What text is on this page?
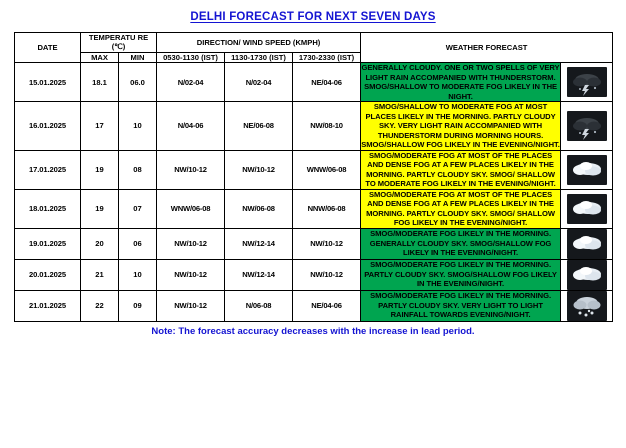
DELHI FORECAST FOR NEXT SEVEN DAYS
DATE	TEMPERATU RE (℃)		DIRECTION/ WIND SPEED (KMPH)			WEATHER FORECAST	
	MAX	MIN	0530-1130 (IST)	1130-1730 (IST)	1730-2330 (IST)		
15.01.2025	18.1	06.0	N/02-04	N/02-04	NE/04-06	GENERALLY CLOUDY. ONE OR TWO SPELLS OF VERY LIGHT RAIN ACCOMPANIED WITH THUNDERSTORM. SMOG/SHALLOW TO MODERATE FOG LIKELY IN THE NIGHT.	

16.01.2025	17	10	N/04-06	NE/06-08	NW/08-10	SMOG/SHALLOW TO MODERATE FOG AT MOST PLACES LIKELY IN THE MORNING. PARTLY CLOUDY SKY. VERY LIGHT RAIN ACCOMPANIED WITH THUNDERSTORM DURING MORNING HOURS. SMOG/SHALLOW FOG LIKELY IN THE EVENING/NIGHT.	

17.01.2025	19	08	NW/10-12	NW/10-12	WNW/06-08	SMOG/MODERATE FOG AT MOST OF THE PLACES AND DENSE FOG AT A FEW PLACES LIKELY IN THE MORNING. PARTLY CLOUDY SKY. SMOG/ SHALLOW TO MODERATE FOG LIKELY IN THE EVENING/NIGHT.	

18.01.2025	19	07	WNW/06-08	NW/06-08	NNW/06-08	SMOG/MODERATE FOG AT MOST OF THE PLACES AND DENSE FOG AT A FEW PLACES LIKELY IN THE MORNING. PARTLY CLOUDY SKY. SMOG/ SHALLOW FOG LIKELY IN THE EVENING/NIGHT.	

19.01.2025	20	06	NW/10-12	NW/12-14	NW/10-12	SMOG/MODERATE FOG LIKELY IN THE MORNING. GENERALLY CLOUDY SKY. SMOG/SHALLOW FOG LIKELY IN THE EVENING/NIGHT.	

20.01.2025	21	10	NW/10-12	NW/12-14	NW/10-12	SMOG/MODERATE FOG LIKELY IN THE MORNING. PARTLY CLOUDY SKY. SMOG/SHALLOW FOG LIKELY IN THE EVENING/NIGHT.	

21.01.2025	22	09	NW/10-12	N/06-08	NE/04-06	SMOG/MODERATE FOG LIKELY IN THE MORNING. PARTLY CLOUDY SKY. VERY LIGHT TO LIGHT RAINFALL TOWARDS EVENING/NIGHT.	
Note: The forecast accuracy decreases with the increase in lead period.
